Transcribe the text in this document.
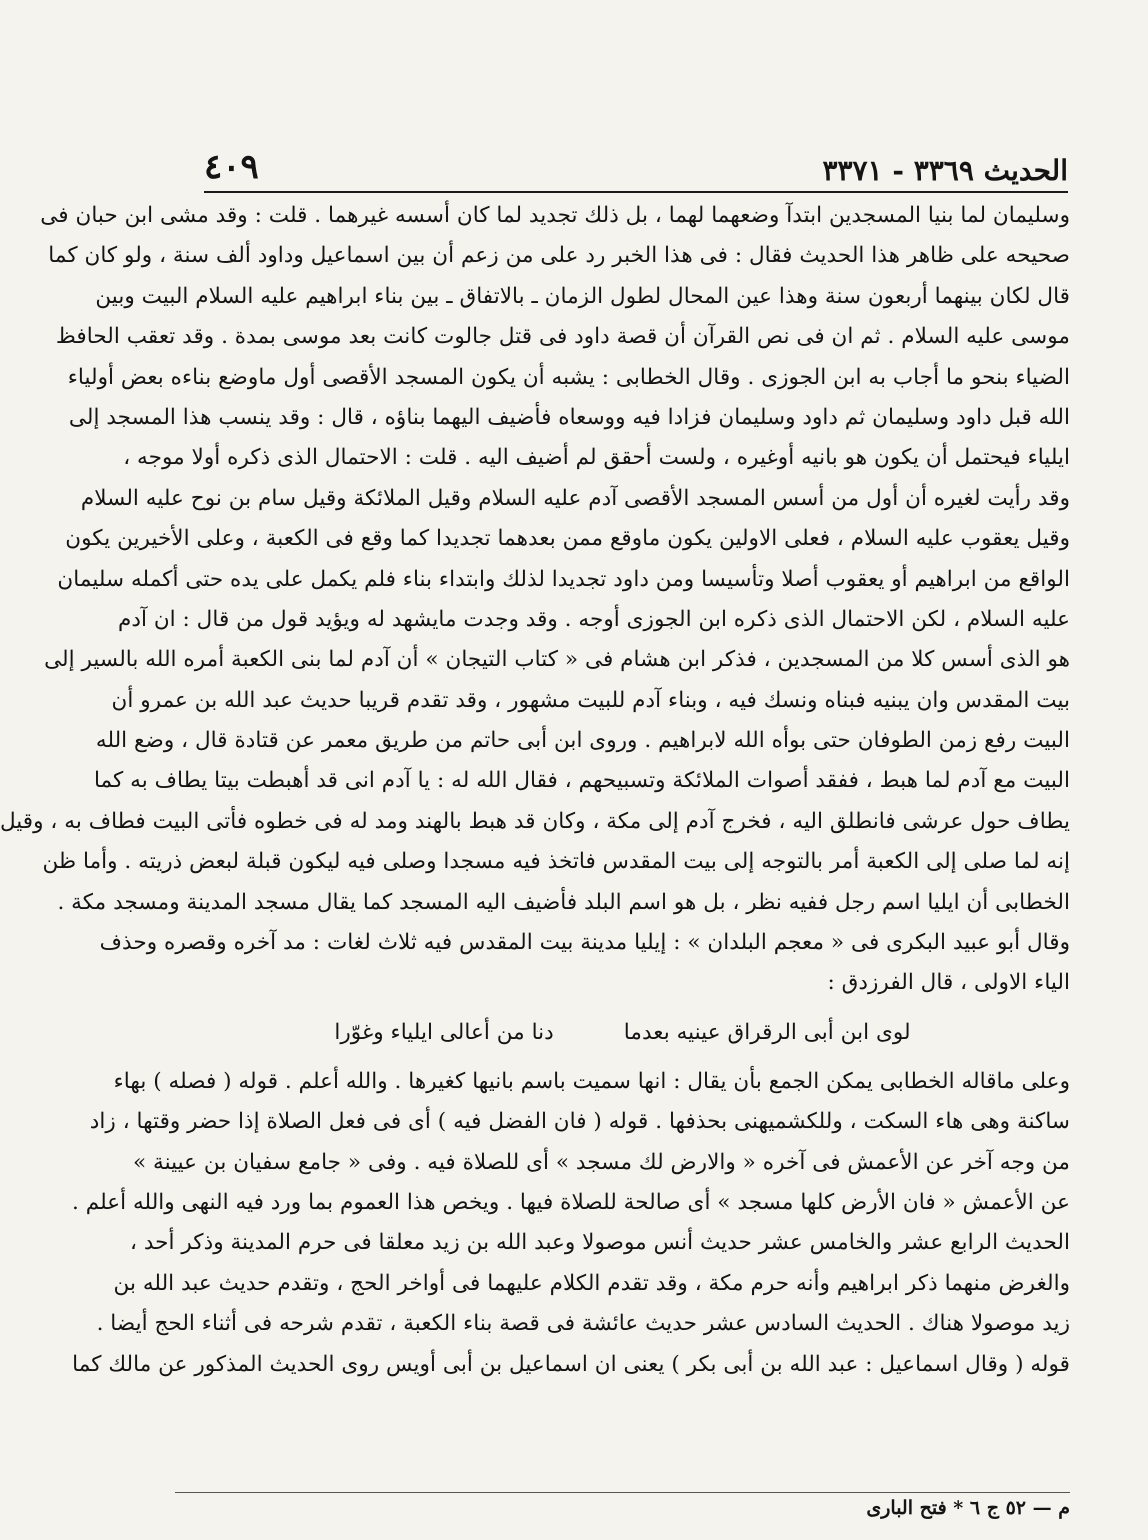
الحديث ٣٣٦٩ - ٣٣٧١
٤٠٩
وسليمان لما بنيا المسجدين ابتدآ وضعهما لهما ، بل ذلك تجديد لما كان أسسه غيرهما . قلت : وقد مشى ابن حبان فى
صحيحه على ظاهر هذا الحديث فقال : فى هذا الخبر رد على من زعم أن بين اسماعيل وداود ألف سنة ، ولو كان كما
قال لكان بينهما أربعون سنة وهذا عين المحال لطول الزمان ـ بالاتفاق ـ بين بناء ابراهيم عليه السلام البيت وبين
موسى عليه السلام . ثم ان فى نص القرآن أن قصة داود فى قتل جالوت كانت بعد موسى بمدة . وقد تعقب الحافظ
الضياء بنحو ما أجاب به ابن الجوزى . وقال الخطابى : يشبه أن يكون المسجد الأقصى أول ماوضع بناءه بعض أولياء
الله قبل داود وسليمان ثم داود وسليمان فزادا فيه ووسعاه فأضيف اليهما بناؤه ، قال : وقد ينسب هذا المسجد إلى
ايلياء فيحتمل أن يكون هو بانيه أوغيره ، ولست أحقق لم أضيف اليه . قلت : الاحتمال الذى ذكره أولا موجه ،
وقد رأيت لغيره أن أول من أسس المسجد الأقصى آدم عليه السلام وقيل الملائكة وقيل سام بن نوح عليه السلام
وقيل يعقوب عليه السلام ، فعلى الاولين يكون ماوقع ممن بعدهما تجديدا كما وقع فى الكعبة ، وعلى الأخيرين يكون
الواقع من ابراهيم أو يعقوب أصلا وتأسيسا ومن داود تجديدا لذلك وابتداء بناء فلم يكمل على يده حتى أكمله سليمان
عليه السلام ، لكن الاحتمال الذى ذكره ابن الجوزى أوجه . وقد وجدت مايشهد له ويؤيد قول من قال : ان آدم
هو الذى أسس كلا من المسجدين ، فذكر ابن هشام فى « كتاب التيجان » أن آدم لما بنى الكعبة أمره الله بالسير إلى
بيت المقدس وان يبنيه فبناه ونسك فيه ، وبناء آدم للبيت مشهور ، وقد تقدم قريبا حديث عبد الله بن عمرو أن
البيت رفع زمن الطوفان حتى بوأه الله لابراهيم . وروى ابن أبى حاتم من طريق معمر عن قتادة قال ، وضع الله
البيت مع آدم لما هبط ، ففقد أصوات الملائكة وتسبيحهم ، فقال الله له : يا آدم انى قد أهبطت بيتا يطاف به كما
يطاف حول عرشى فانطلق اليه ، فخرج آدم إلى مكة ، وكان قد هبط بالهند ومد له فى خطوه فأتى البيت فطاف به ، وقيل
إنه لما صلى إلى الكعبة أمر بالتوجه إلى بيت المقدس فاتخذ فيه مسجدا وصلى فيه ليكون قبلة لبعض ذريته . وأما ظن
الخطابى أن ايليا اسم رجل ففيه نظر ، بل هو اسم البلد فأضيف اليه المسجد كما يقال مسجد المدينة ومسجد مكة .
وقال أبو عبيد البكرى فى « معجم البلدان » : إيليا مدينة بيت المقدس فيه ثلاث لغات : مد آخره وقصره وحذف
الياء الاولى ، قال الفرزدق :
لوى ابن أبى الرقراق عينيه بعدما
دنا من أعالى ايلياء وغوّرا
وعلى ماقاله الخطابى يمكن الجمع بأن يقال : انها سميت باسم بانيها كغيرها . والله أعلم . قوله ( فصله ) بهاء
ساكنة وهى هاء السكت ، وللكشميهنى بحذفها . قوله ( فان الفضل فيه ) أى فى فعل الصلاة إذا حضر وقتها ، زاد
من وجه آخر عن الأعمش فى آخره « والارض لك مسجد » أى للصلاة فيه . وفى « جامع سفيان بن عيينة »
عن الأعمش « فان الأرض كلها مسجد » أى صالحة للصلاة فيها . ويخص هذا العموم بما ورد فيه النهى والله أعلم .
الحديث الرابع عشر والخامس عشر حديث أنس موصولا وعبد الله بن زيد معلقا فى حرم المدينة وذكر أحد ،
والغرض منهما ذكر ابراهيم وأنه حرم مكة ، وقد تقدم الكلام عليهما فى أواخر الحج ، وتقدم حديث عبد الله بن
زيد موصولا هناك . الحديث السادس عشر حديث عائشة فى قصة بناء الكعبة ، تقدم شرحه فى أثناء الحج أيضا .
قوله ( وقال اسماعيل : عبد الله بن أبى بكر ) يعنى ان اسماعيل بن أبى أويس روى الحديث المذكور عن مالك كما
م — ٥٢ ج ٦ * فتح البارى
